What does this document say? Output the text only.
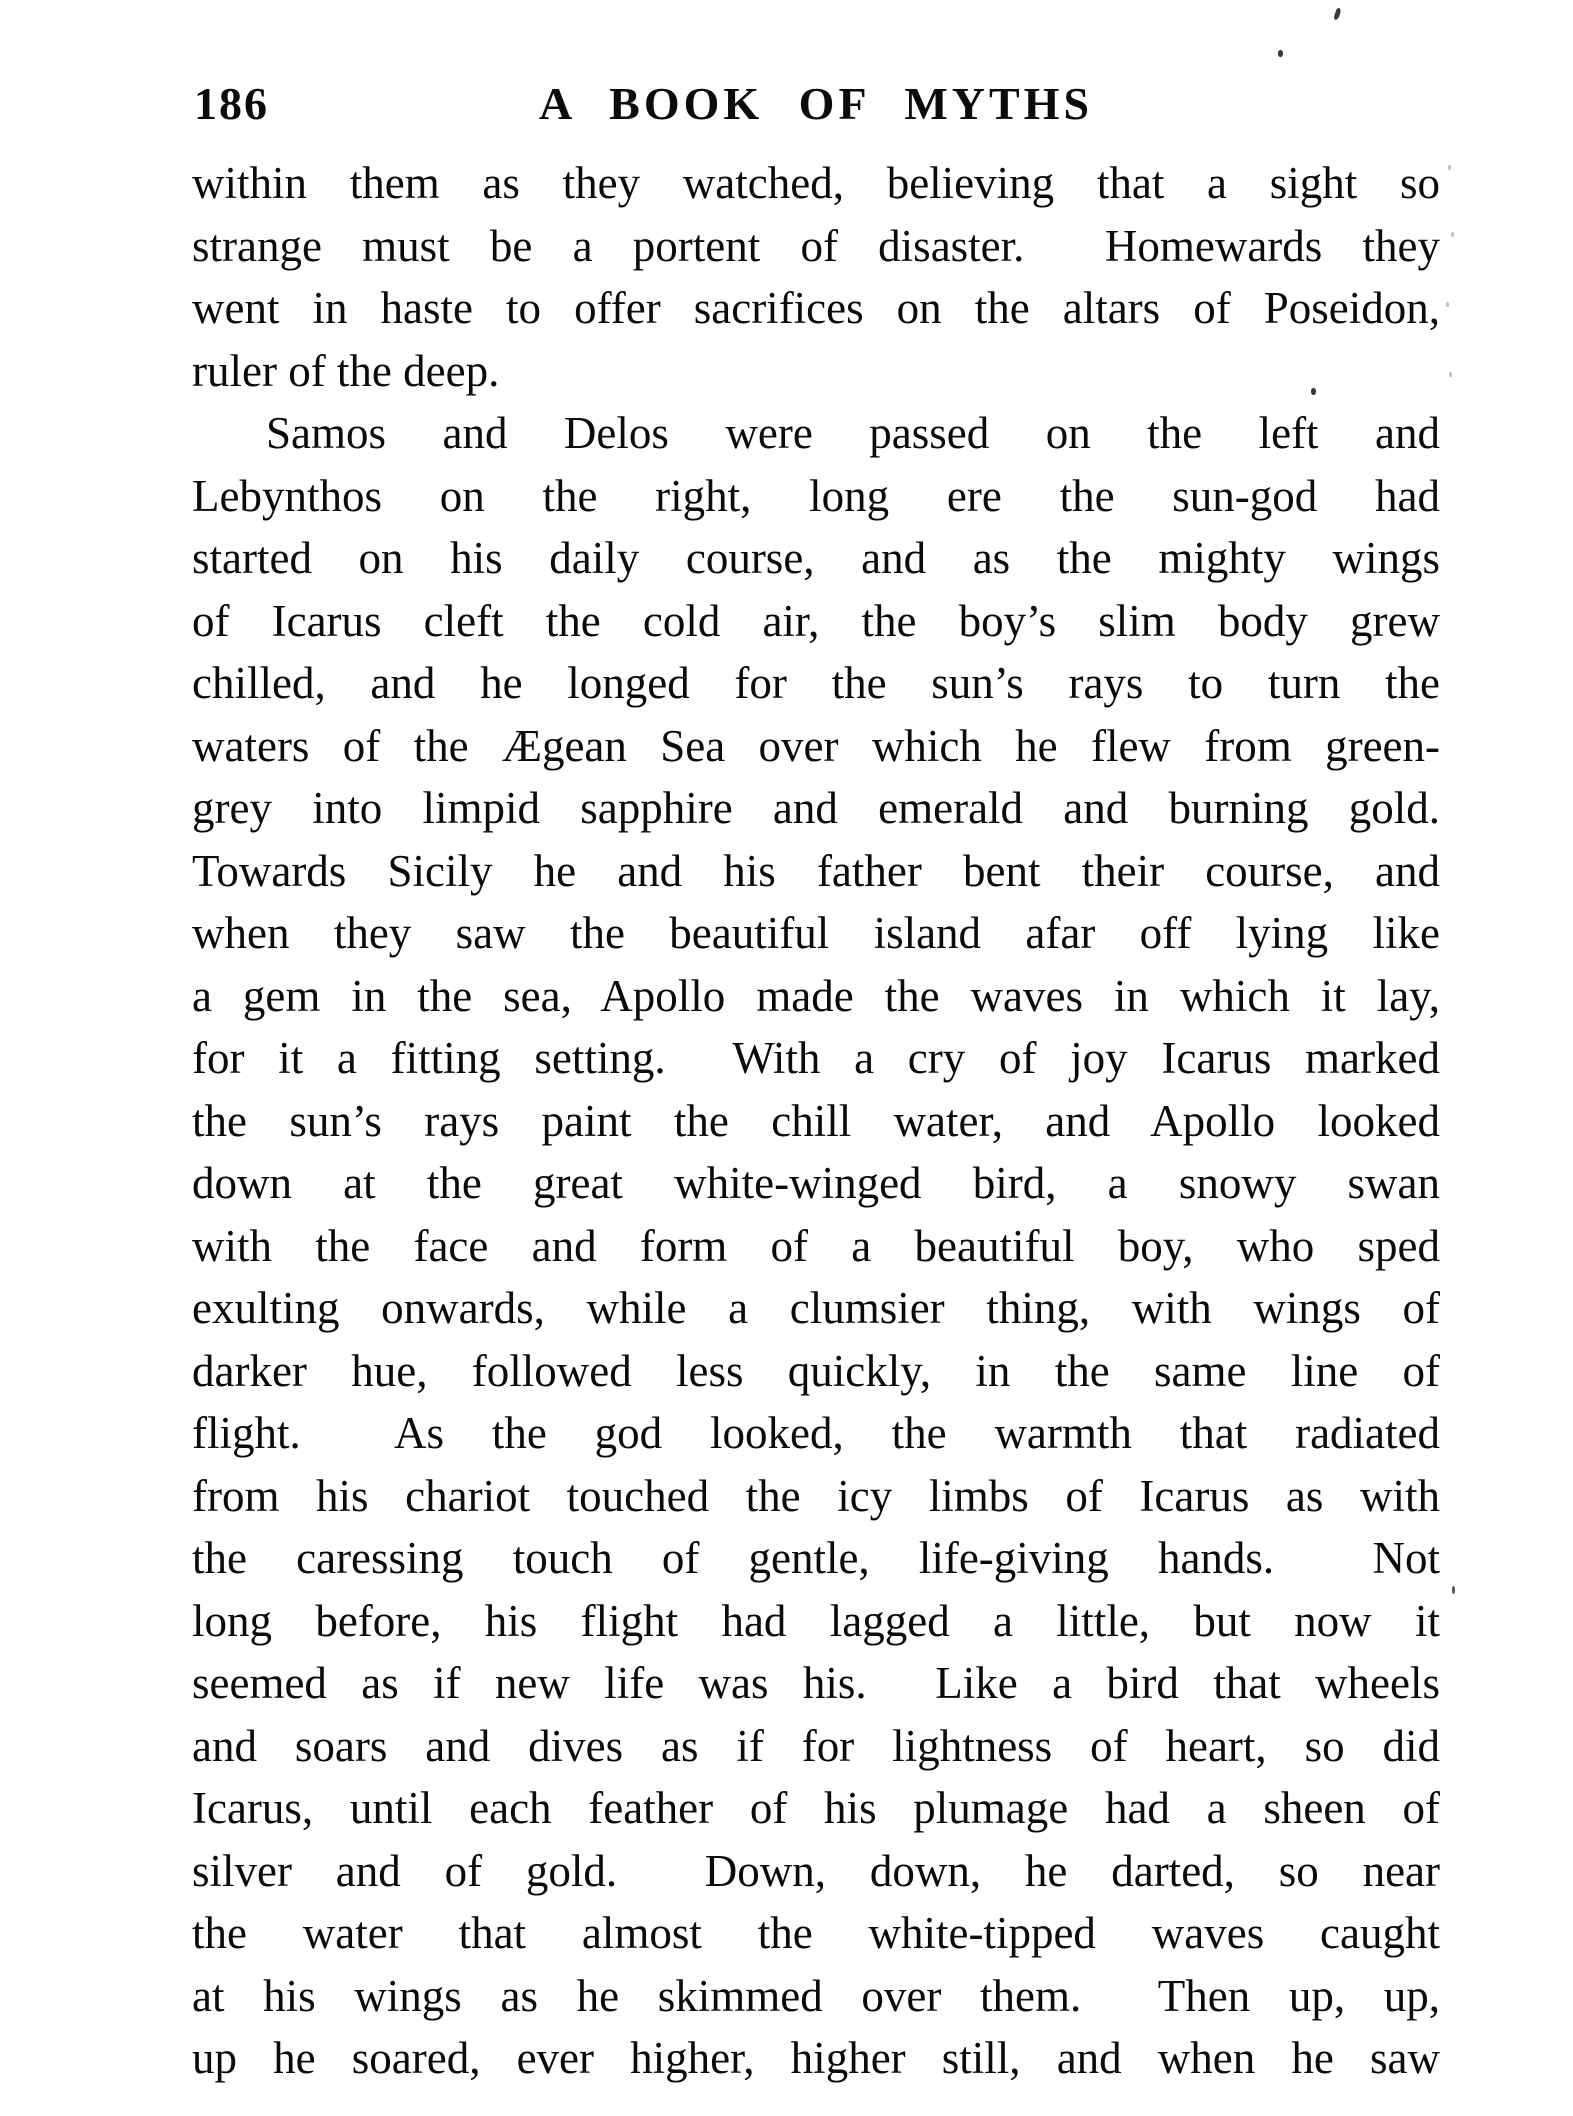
186	A BOOK OF MYTHS
within them as they watched, believing that a sight so
strange must be a portent of disaster.  Homewards they
went in haste to offer sacrifices on the altars of Poseidon,
ruler of the deep.
Samos and Delos were passed on the left and
Lebynthos on the right, long ere the sun-god had
started on his daily course, and as the mighty wings
of Icarus cleft the cold air, the boy’s slim body grew
chilled, and he longed for the sun’s rays to turn the
waters of the Ægean Sea over which he flew from green-
grey into limpid sapphire and emerald and burning gold.
Towards Sicily he and his father bent their course, and
when they saw the beautiful island afar off lying like
a gem in the sea, Apollo made the waves in which it lay,
for it a fitting setting.  With a cry of joy Icarus marked
the sun’s rays paint the chill water, and Apollo looked
down at the great white-winged bird, a snowy swan
with the face and form of a beautiful boy, who sped
exulting onwards, while a clumsier thing, with wings of
darker hue, followed less quickly, in the same line of
flight.  As the god looked, the warmth that radiated
from his chariot touched the icy limbs of Icarus as with
the caressing touch of gentle, life-giving hands.  Not
long before, his flight had lagged a little, but now it
seemed as if new life was his.  Like a bird that wheels
and soars and dives as if for lightness of heart, so did
Icarus, until each feather of his plumage had a sheen of
silver and of gold.  Down, down, he darted, so near
the water that almost the white-tipped waves caught
at his wings as he skimmed over them.  Then up, up,
up he soared, ever higher, higher still, and when he saw
